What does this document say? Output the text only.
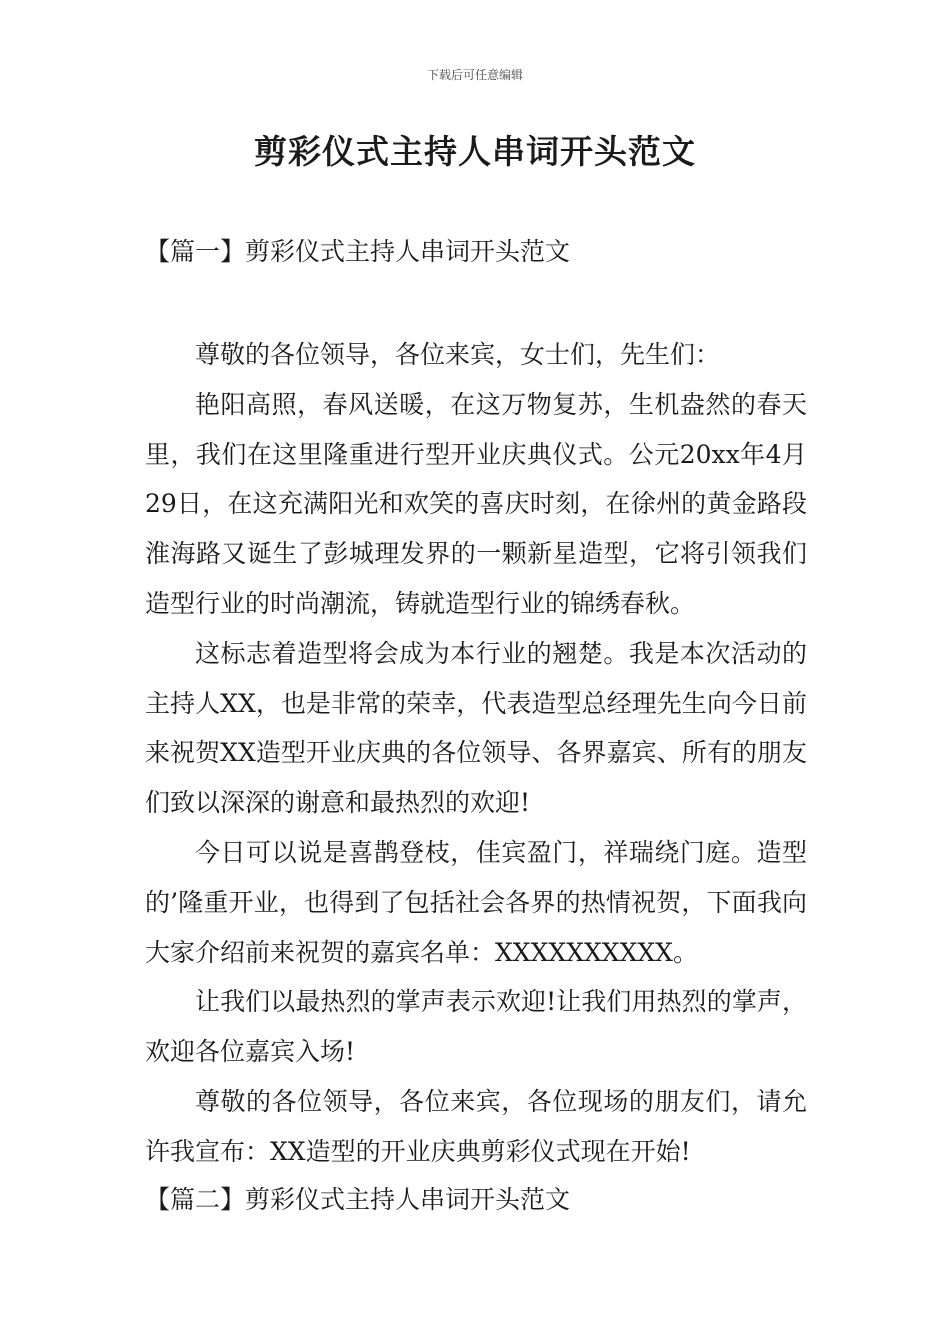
下载后可任意编辑
剪彩仪式主持人串词开头范文
【篇一】剪彩仪式主持人串词开头范文

尊敬的各位领导，各位来宾，女士们，先生们：

艳阳高照，春风送暖，在这万物复苏，生机盎然的春天里，我们在这里隆重进行型开业庆典仪式。公元20xx年4月29日，在这充满阳光和欢笑的喜庆时刻，在徐州的黄金路段淮海路又诞生了彭城理发界的一颗新星造型，它将引领我们造型行业的时尚潮流，铸就造型行业的锦绣春秋。

这标志着造型将会成为本行业的翘楚。我是本次活动的主持人XX，也是非常的荣幸，代表造型总经理先生向今日前来祝贺XX造型开业庆典的各位领导、各界嘉宾、所有的朋友们致以深深的谢意和最热烈的欢迎!

今日可以说是喜鹊登枝，佳宾盈门，祥瑞绕门庭。造型的’隆重开业，也得到了包括社会各界的热情祝贺，下面我向大家介绍前来祝贺的嘉宾名单：XXXXXXXXXX。

让我们以最热烈的掌声表示欢迎!让我们用热烈的掌声，欢迎各位嘉宾入场!

尊敬的各位领导，各位来宾，各位现场的朋友们，请允许我宣布：XX造型的开业庆典剪彩仪式现在开始!

【篇二】剪彩仪式主持人串词开头范文
